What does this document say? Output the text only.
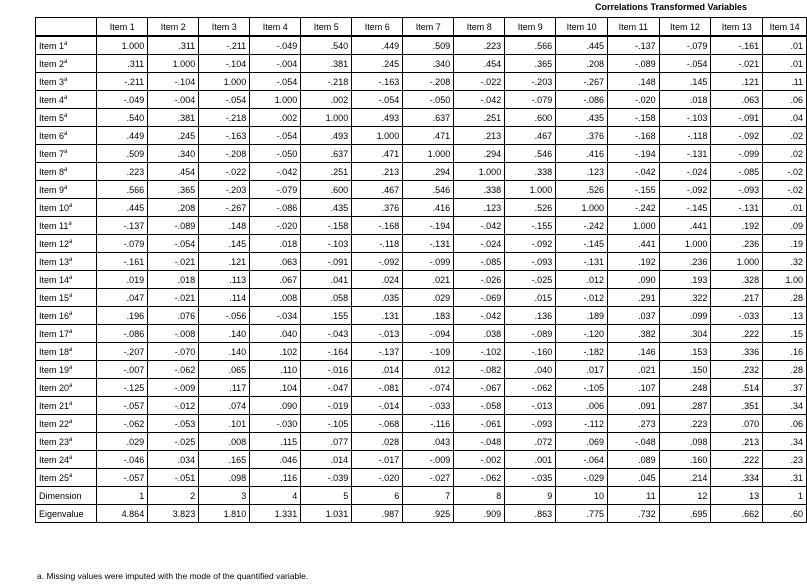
Correlations Transformed Variables
	Item 1	Item 2	Item 3	Item 4	Item 5	Item 6	Item 7	Item 8	Item 9	Item 10	Item 11	Item 12	Item 13	Item 14
Item 1$^a$	1.000	.311	-.211	-.049	.540	.449	.509	.223	.566	.445	-.137	-.079	-.161	.01
Item 2$^a$	.311	1.000	-.104	-.004	.381	.245	.340	.454	.365	.208	-.089	-.054	-.021	.01
Item 3$^a$	-.211	-.104	1.000	-.054	-.218	-.163	-.208	-.022	-.203	-.267	.148	.145	.121	.11
Item 4$^a$	-.049	-.004	-.054	1.000	.002	-.054	-.050	-.042	-.079	-.086	-.020	.018	.063	.06
Item 5$^a$	.540	.381	-.218	.002	1.000	.493	.637	.251	.600	.435	-.158	-.103	-.091	.04
Item 6$^a$	.449	.245	-.163	-.054	.493	1.000	.471	.213	.467	.376	-.168	-.118	-.092	.02
Item 7$^a$	.509	.340	-.208	-.050	.637	.471	1.000	.294	.546	.416	-.194	-.131	-.099	.02
Item 8$^a$	.223	.454	-.022	-.042	.251	.213	.294	1.000	.338	.123	-.042	-.024	-.085	-.02
Item 9$^a$	.566	.365	-.203	-.079	.600	.467	.546	.338	1.000	.526	-.155	-.092	-.093	-.02
Item 10$^a$	.445	.208	-.267	-.086	.435	.376	.416	.123	.526	1.000	-.242	-.145	-.131	.01
Item 11$^a$	-.137	-.089	.148	-.020	-.158	-.168	-.194	-.042	-.155	-.242	1.000	.441	.192	.09
Item 12$^a$	-.079	-.054	.145	.018	-.103	-.118	-.131	-.024	-.092	-.145	.441	1.000	.236	.19
Item 13$^a$	-.161	-.021	.121	.063	-.091	-.092	-.099	-.085	-.093	-.131	.192	.236	1.000	.32
Item 14$^a$	.019	.018	.113	.067	.041	.024	.021	-.026	-.025	.012	.090	.193	.328	1.00
Item 15$^a$	.047	-.021	.114	.008	.058	.035	.029	-.069	.015	-.012	.291	.322	.217	.28
Item 16$^a$	.196	.076	-.056	-.034	.155	.131	.183	-.042	.136	.189	.037	.099	-.033	.13
Item 17$^a$	-.086	-.008	.140	.040	-.043	-.013	-.094	.038	-.089	-.120	.382	.304	.222	.15
Item 18$^a$	-.207	-.070	.140	.102	-.164	-.137	-.109	-.102	-.160	-.182	.146	.153	.336	.16
Item 19$^a$	-.007	-.062	.065	.110	-.016	.014	.012	-.082	.040	.017	.021	.150	.232	.28
Item 20$^a$	-.125	-.009	.117	.104	-.047	-.081	-.074	-.067	-.062	-.105	.107	.248	.514	.37
Item 21$^a$	-.057	-.012	.074	.090	-.019	-.014	-.033	-.058	-.013	.006	.091	.287	.351	.34
Item 22$^a$	-.062	-.053	.101	-.030	-.105	-.068	-.116	-.061	-.093	-.112	.273	.223	.070	.06
Item 23$^a$	.029	-.025	.008	.115	.077	.028	.043	-.048	.072	.069	-.048	.098	.213	.34
Item 24$^a$	-.046	.034	.165	.046	.014	-.017	-.009	-.002	.001	-.064	.089	.160	.222	.23
Item 25$^a$	-.057	-.051	.098	.116	-.039	-.020	-.027	-.062	-.035	-.029	.045	.214	.334	.31
Dimension	1	2	3	4	5	6	7	8	9	10	11	12	13	1
Eigenvalue	4.864	3.823	1.810	1.331	1.031	.987	.925	.909	.863	.775	.732	.695	.662	.60
a. Missing values were imputed with the mode of the quantified variable.
